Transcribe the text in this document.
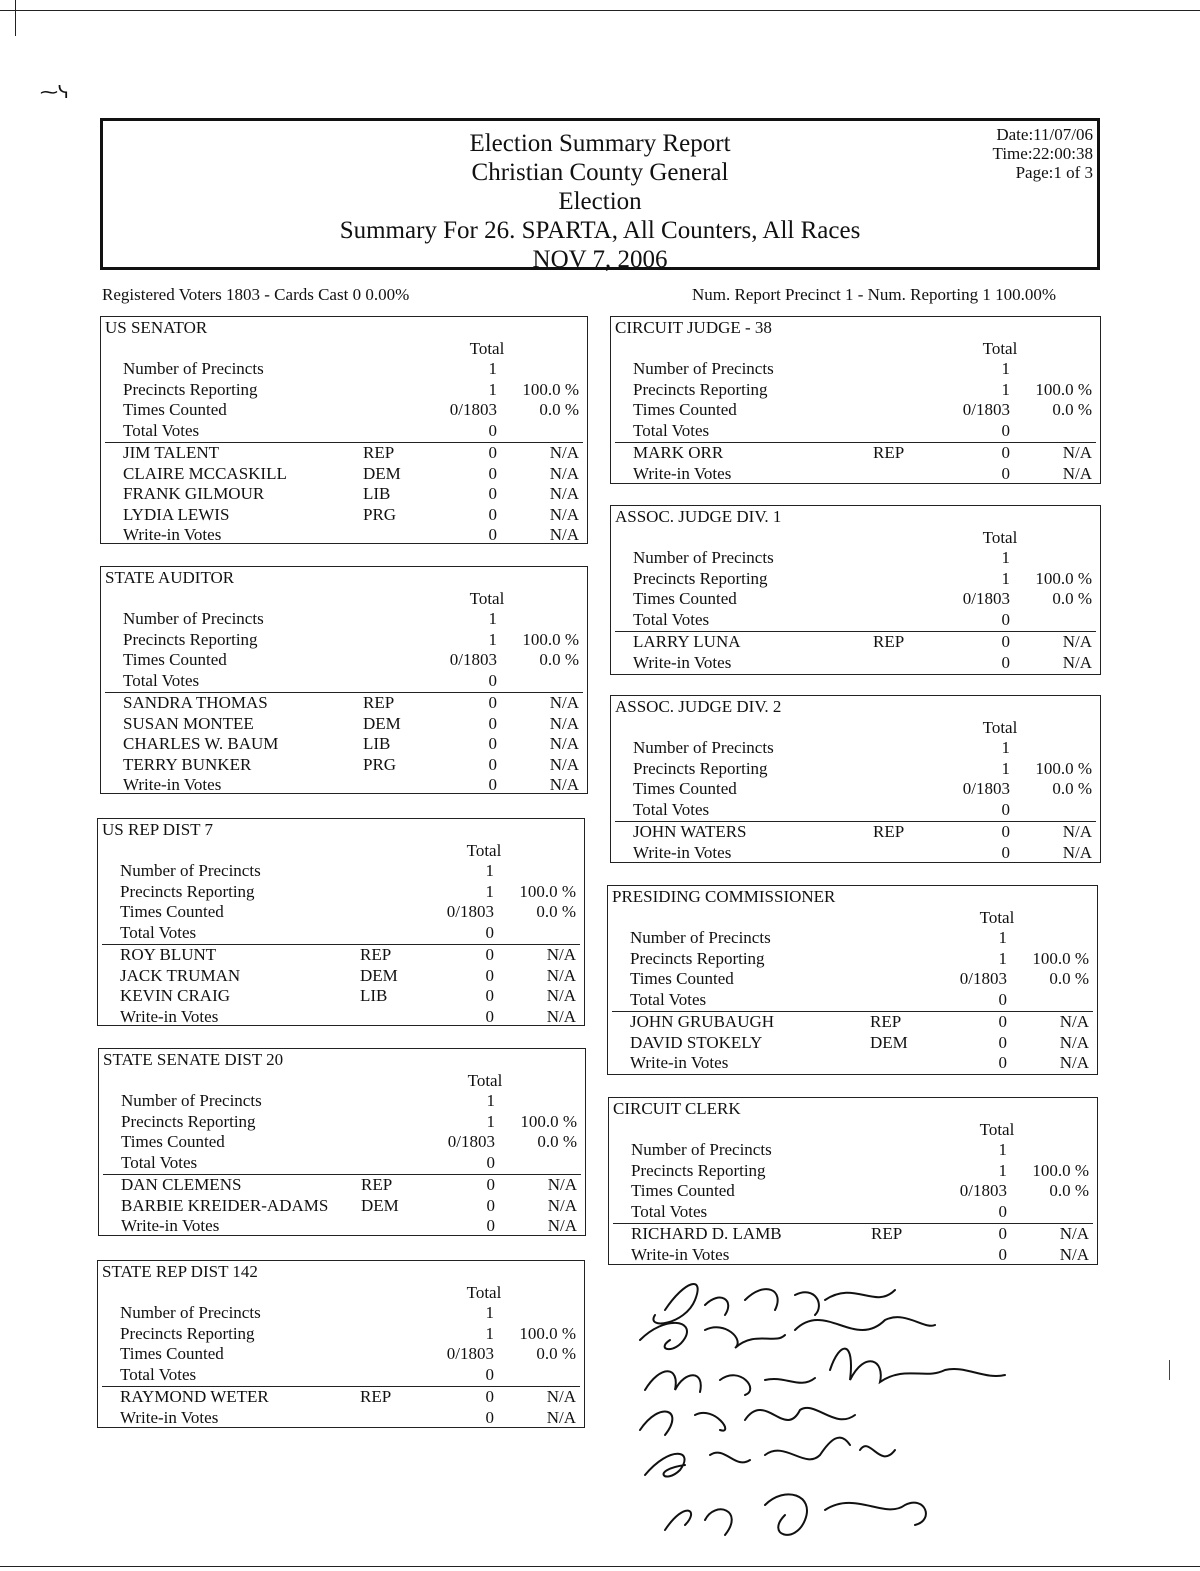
⁓ᓭ
Election Summary Report
Christian County General
Election
Summary For 26. SPARTA, All Counters, All Races
NOV 7, 2006
Date:11/07/06
Time:22:00:38
Page:1 of 3
Registered Voters 1803 - Cards Cast 0 0.00%	Num. Report Precinct 1 - Num. Reporting 1 100.00%
US SENATOR
Total
Number of Precincts	1
Precincts Reporting	1	100.0 %
Times Counted	0/1803	0.0 %
Total Votes	0
JIM TALENT	REP	0	N/A
CLAIRE MCCASKILL	DEM	0	N/A
FRANK GILMOUR	LIB	0	N/A
LYDIA LEWIS	PRG	0	N/A
Write-in Votes	0	N/A
STATE AUDITOR
Total
Number of Precincts	1
Precincts Reporting	1	100.0 %
Times Counted	0/1803	0.0 %
Total Votes	0
SANDRA THOMAS	REP	0	N/A
SUSAN MONTEE	DEM	0	N/A
CHARLES W. BAUM	LIB	0	N/A
TERRY BUNKER	PRG	0	N/A
Write-in Votes	0	N/A
US REP DIST 7
Total
Number of Precincts	1
Precincts Reporting	1	100.0 %
Times Counted	0/1803	0.0 %
Total Votes	0
ROY BLUNT	REP	0	N/A
JACK TRUMAN	DEM	0	N/A
KEVIN CRAIG	LIB	0	N/A
Write-in Votes	0	N/A
STATE SENATE DIST 20
Total
Number of Precincts	1
Precincts Reporting	1	100.0 %
Times Counted	0/1803	0.0 %
Total Votes	0
DAN CLEMENS	REP	0	N/A
BARBIE KREIDER-ADAMS DEM	0	N/A
Write-in Votes	0	N/A
STATE REP DIST 142
Total
Number of Precincts	1
Precincts Reporting	1	100.0 %
Times Counted	0/1803	0.0 %
Total Votes	0
RAYMOND WETER	REP	0	N/A
Write-in Votes	0	N/A
CIRCUIT JUDGE - 38
Total
Number of Precincts	1
Precincts Reporting	1	100.0 %
Times Counted	0/1803	0.0 %
Total Votes	0
MARK ORR	REP	0	N/A
Write-in Votes	0	N/A
ASSOC. JUDGE DIV. 1
Total
Number of Precincts	1
Precincts Reporting	1	100.0 %
Times Counted	0/1803	0.0 %
Total Votes	0
LARRY LUNA	REP	0	N/A
Write-in Votes	0	N/A
ASSOC. JUDGE DIV. 2
Total
Number of Precincts	1
Precincts Reporting	1	100.0 %
Times Counted	0/1803	0.0 %
Total Votes	0
JOHN WATERS	REP	0	N/A
Write-in Votes	0	N/A
PRESIDING COMMISSIONER
Total
Number of Precincts	1
Precincts Reporting	1	100.0 %
Times Counted	0/1803	0.0 %
Total Votes	0
JOHN GRUBAUGH	REP	0	N/A
DAVID STOKELY	DEM	0	N/A
Write-in Votes	0	N/A
CIRCUIT CLERK
Total
Number of Precincts	1
Precincts Reporting	1	100.0 %
Times Counted	0/1803	0.0 %
Total Votes	0
RICHARD D. LAMB	REP	0	N/A
Write-in Votes	0	N/A
